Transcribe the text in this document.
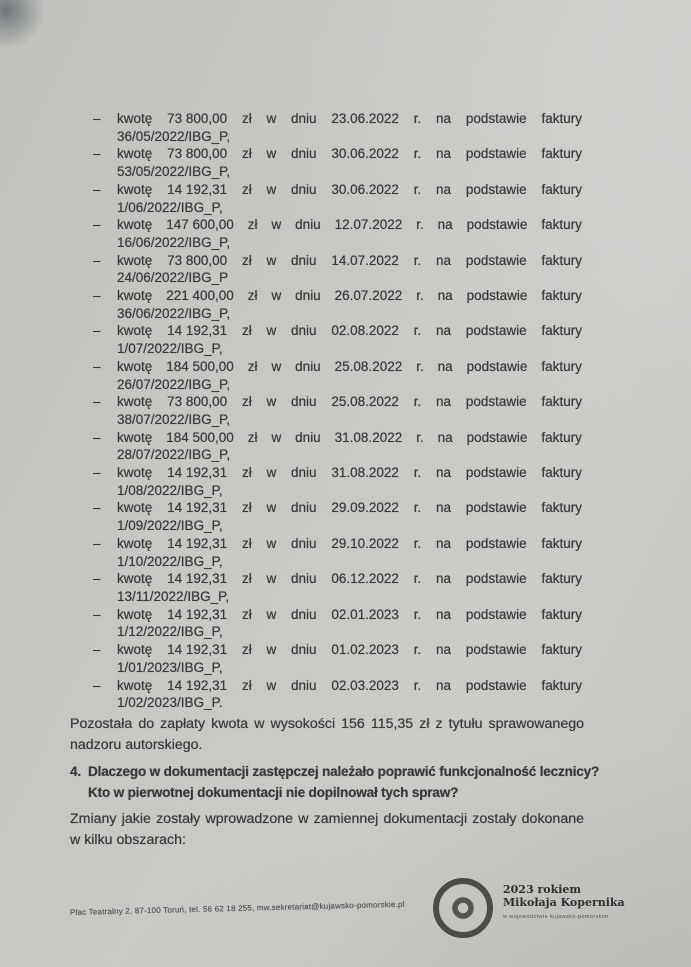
– kwotę 73 800,00 zł w dniu 23.06.2022 r. na podstawie faktury
36/05/2022/IBG_P,
– kwotę 73 800,00 zł w dniu 30.06.2022 r. na podstawie faktury
53/05/2022/IBG_P,
– kwotę 14 192,31 zł w dniu 30.06.2022 r. na podstawie faktury
1/06/2022/IBG_P,
– kwotę 147 600,00 zł w dniu 12.07.2022 r. na podstawie faktury
16/06/2022/IBG_P,
– kwotę 73 800,00 zł w dniu 14.07.2022 r. na podstawie faktury
24/06/2022/IBG_P
– kwotę 221 400,00 zł w dniu 26.07.2022 r. na podstawie faktury
36/06/2022/IBG_P,
– kwotę 14 192,31 zł w dniu 02.08.2022 r. na podstawie faktury
1/07/2022/IBG_P,
– kwotę 184 500,00 zł w dniu 25.08.2022 r. na podstawie faktury
26/07/2022/IBG_P,
– kwotę 73 800,00 zł w dniu 25.08.2022 r. na podstawie faktury
38/07/2022/IBG_P,
– kwotę 184 500,00 zł w dniu 31.08.2022 r. na podstawie faktury
28/07/2022/IBG_P,
– kwotę 14 192,31 zł w dniu 31.08.2022 r. na podstawie faktury
1/08/2022/IBG_P,
– kwotę 14 192,31 zł w dniu 29.09.2022 r. na podstawie faktury
1/09/2022/IBG_P,
– kwotę 14 192,31 zł w dniu 29.10.2022 r. na podstawie faktury
1/10/2022/IBG_P,
– kwotę 14 192,31 zł w dniu 06.12.2022 r. na podstawie faktury
13/11/2022/IBG_P,
– kwotę 14 192,31 zł w dniu 02.01.2023 r. na podstawie faktury
1/12/2022/IBG_P,
– kwotę 14 192,31 zł w dniu 01.02.2023 r. na podstawie faktury
1/01/2023/IBG_P,
– kwotę 14 192,31 zł w dniu 02.03.2023 r. na podstawie faktury
1/02/2023/IBG_P.
Pozostała do zapłaty kwota w wysokości 156 115,35 zł z tytułu sprawowanego nadzoru autorskiego.
4. Dlaczego w dokumentacji zastępczej należało poprawić funkcjonalność lecznicy? Kto w pierwotnej dokumentacji nie dopilnował tych spraw?
Zmiany jakie zostały wprowadzone w zamiennej dokumentacji zostały dokonane w kilku obszarach:
Plac Teatralny 2, 87-100 Toruń, tel. 56 62 18 255, mw.sekretariat@kujawsko-pomorskie.pl
2023 rokiem
Mikołaja Kopernika
w województwie kujawsko-pomorskim
